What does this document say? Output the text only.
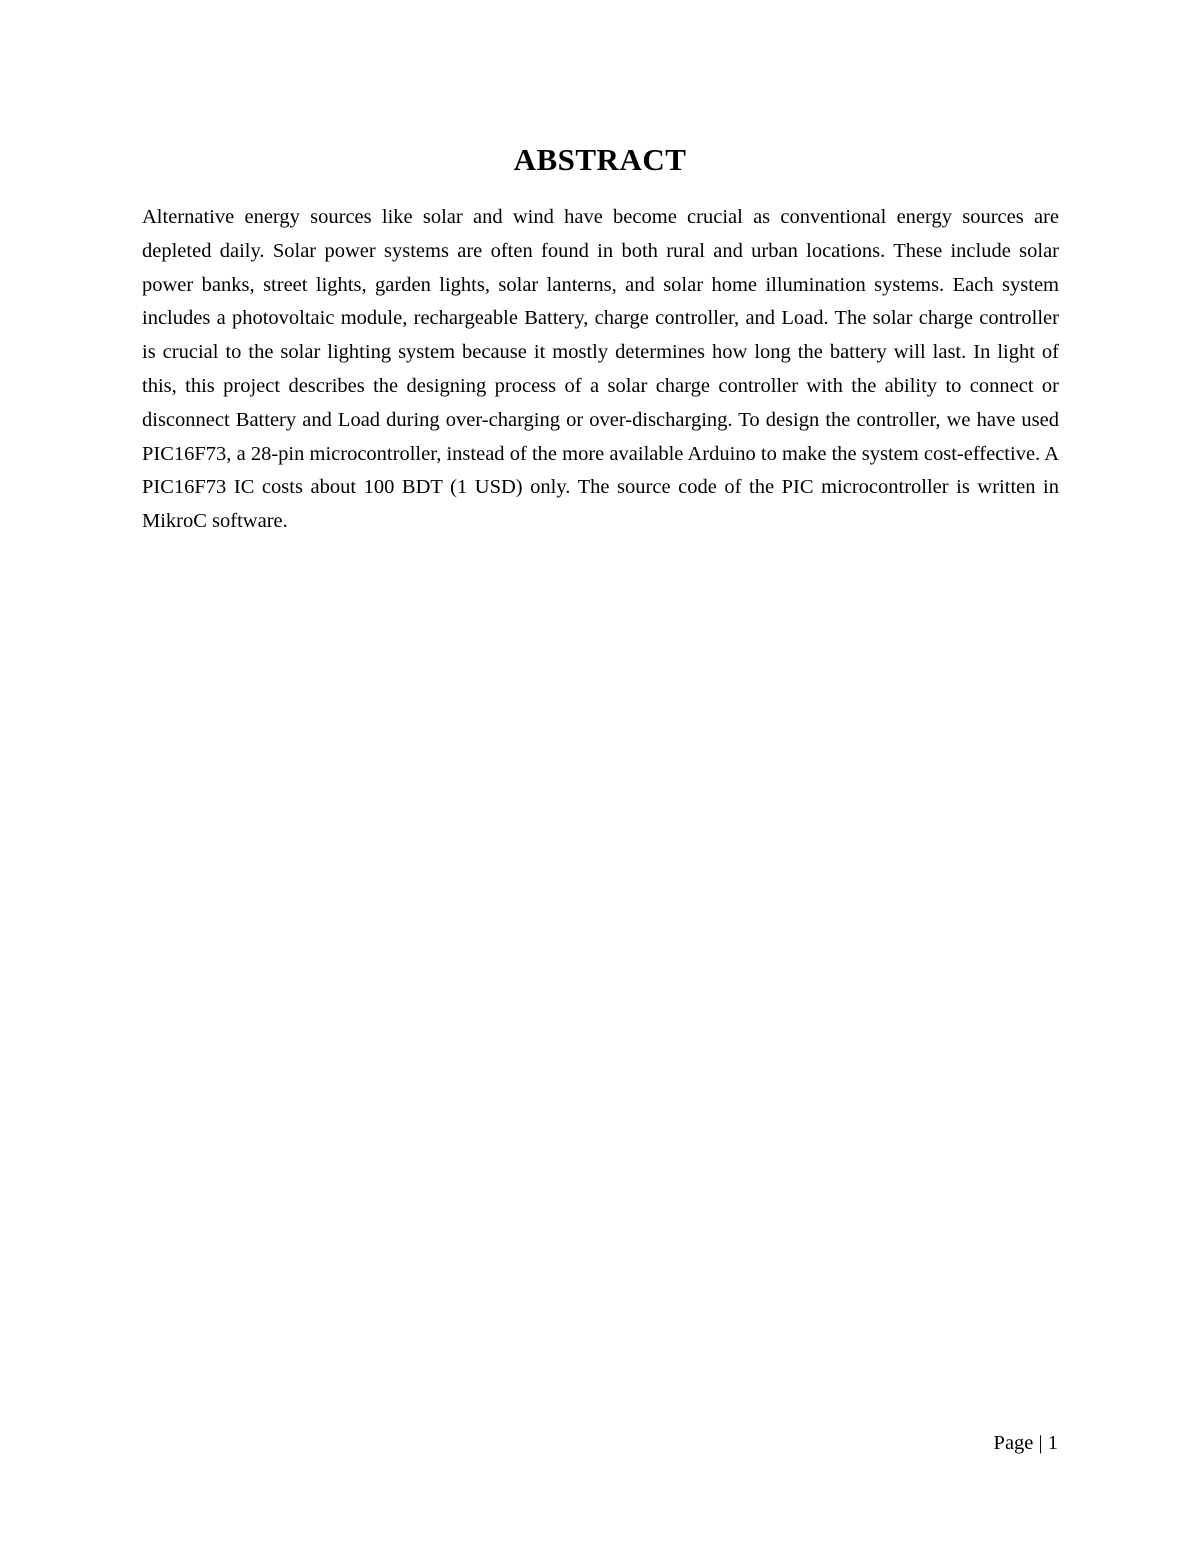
ABSTRACT

Alternative energy sources like solar and wind have become crucial as conventional energy sources are depleted daily. Solar power systems are often found in both rural and urban locations. These include solar power banks, street lights, garden lights, solar lanterns, and solar home illumination systems. Each system includes a photovoltaic module, rechargeable Battery, charge controller, and Load. The solar charge controller is crucial to the solar lighting system because it mostly determines how long the battery will last. In light of this, this project describes the designing process of a solar charge controller with the ability to connect or disconnect Battery and Load during over-charging or over-discharging. To design the controller, we have used PIC16F73, a 28-pin microcontroller, instead of the more available Arduino to make the system cost-effective. A PIC16F73 IC costs about 100 BDT (1 USD) only. The source code of the PIC microcontroller is written in MikroC software.

Page | 1
